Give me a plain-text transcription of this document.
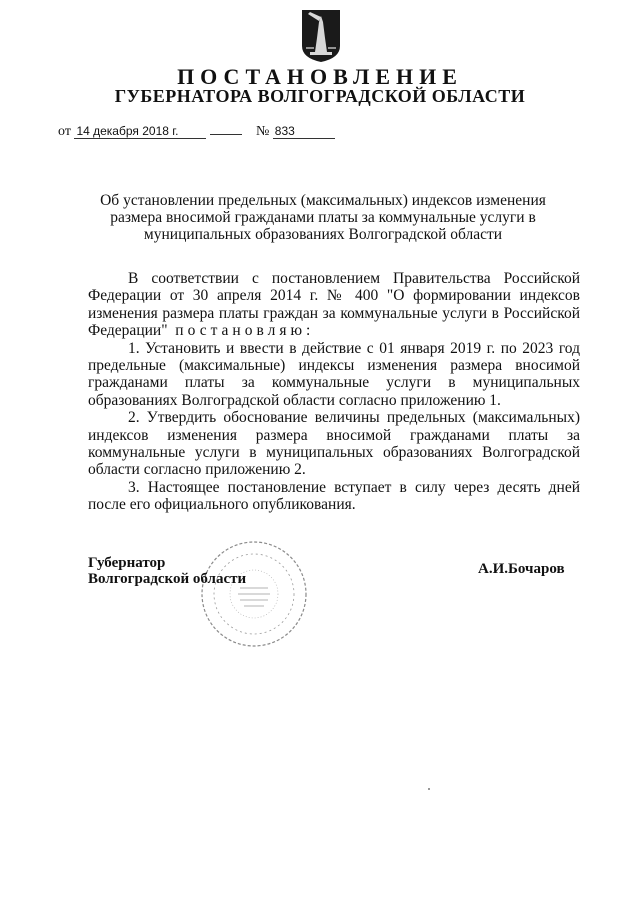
ПОСТАНОВЛЕНИЕ
ГУБЕРНАТОРА ВОЛГОГРАДСКОЙ ОБЛАСТИ
от 14 декабря 2018 г.	№ 833
Об установлении предельных (максимальных) индексов изменения размера вносимой гражданами платы за коммунальные услуги в муниципальных образованиях Волгоградской области

В соответствии с постановлением Правительства Российской Федерации от 30 апреля 2014 г. № 400 "О формировании индексов изменения размера платы граждан за коммунальные услуги в Российской Федерации" постановляю:

1. Установить и ввести в действие с 01 января 2019 г. по 2023 год предельные (максимальные) индексы изменения размера вносимой гражданами платы за коммунальные услуги в муниципальных образованиях Волгоградской области согласно приложению 1.

2. Утвердить обоснование величины предельных (максимальных) индексов изменения размера вносимой гражданами платы за коммунальные услуги в муниципальных образованиях Волгоградской области согласно приложению 2.

3. Настоящее постановление вступает в силу через десять дней после его официального опубликования.

Губернатор
Волгоградской области
А.И.Бочаров
